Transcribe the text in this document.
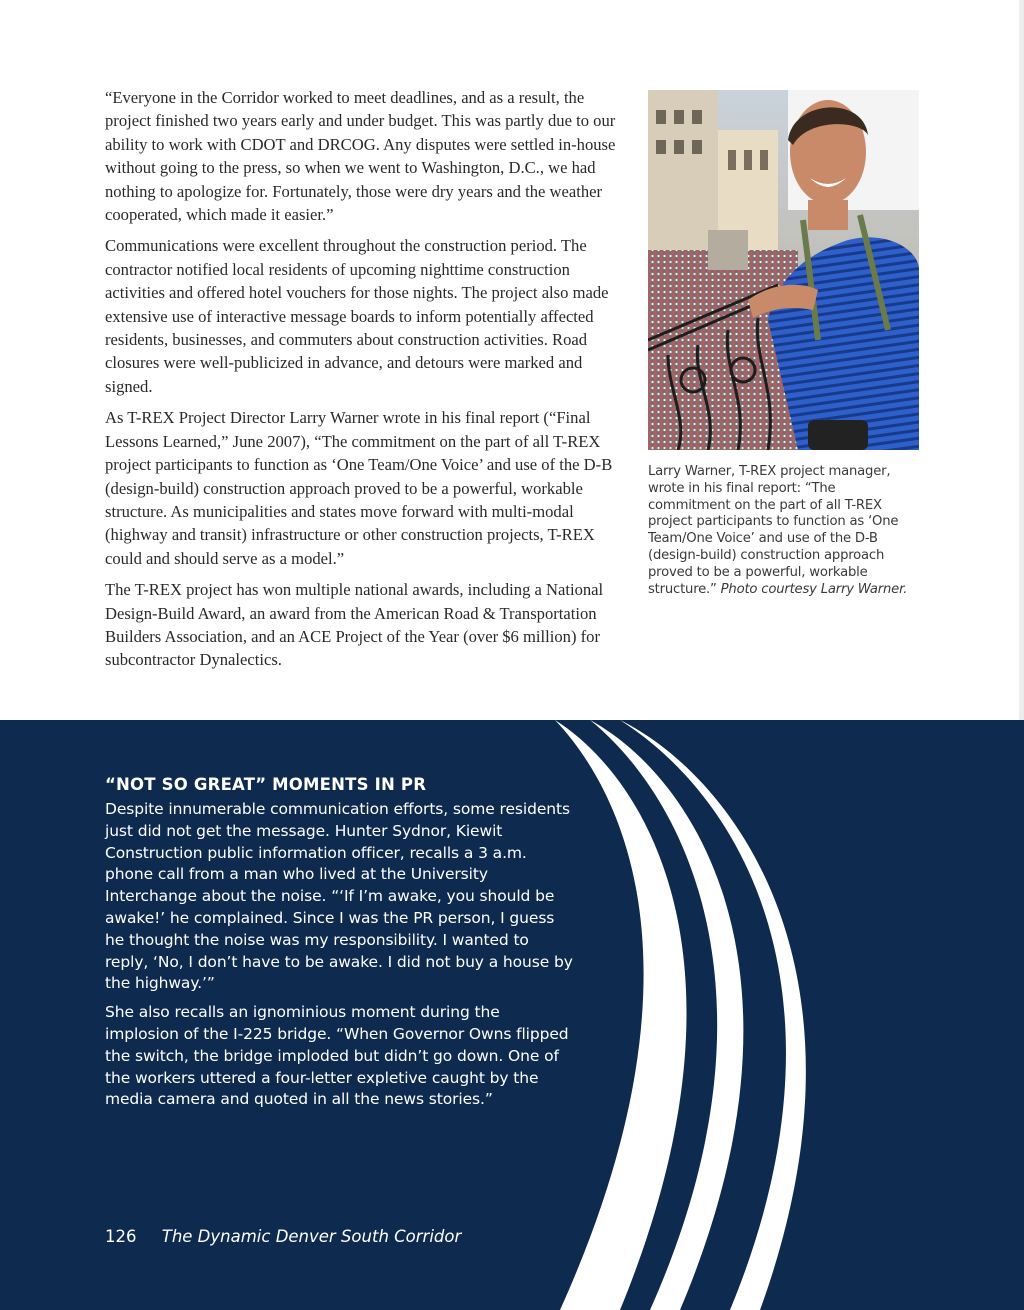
“Everyone in the Corridor worked to meet deadlines, and as a result, the project finished two years early and under budget. This was partly due to our ability to work with CDOT and DRCOG. Any disputes were settled in-house without going to the press, so when we went to Washington, D.C., we had nothing to apologize for. Fortunately, those were dry years and the weather cooperated, which made it easier.”

Communications were excellent throughout the construction period. The contractor notified local residents of upcoming nighttime construction activities and offered hotel vouchers for those nights. The project also made extensive use of interactive message boards to inform potentially affected residents, businesses, and commuters about construction activities. Road closures were well-publicized in advance, and detours were marked and signed.

As T-REX Project Director Larry Warner wrote in his final report (“Final Lessons Learned,” June 2007), “The commitment on the part of all T-REX project participants to function as ‘One Team/One Voice’ and use of the D-B (design-build) construction approach proved to be a powerful, workable structure. As municipalities and states move forward with multi-modal (highway and transit) infrastructure or other construction projects, T-REX could and should serve as a model.”

The T-REX project has won multiple national awards, including a National Design-Build Award, an award from the American Road & Transportation Builders Association, and an ACE Project of the Year (over $6 million) for subcontractor Dynalectics.

Larry Warner, T-REX project manager, wrote in his final report: “The commitment on the part of all T-REX project participants to function as ‘One Team/One Voice’ and use of the D-B (design-build) construction approach proved to be a powerful, workable structure.” Photo courtesy Larry Warner.
“NOT SO GREAT” MOMENTS IN PR

Despite innumerable communication efforts, some residents just did not get the message. Hunter Sydnor, Kiewit Construction public information officer, recalls a 3 a.m. phone call from a man who lived at the University Interchange about the noise. “‘If I’m awake, you should be awake!’ he complained. Since I was the PR person, I guess he thought the noise was my responsibility. I wanted to reply, ‘No, I don’t have to be awake. I did not buy a house by the highway.’”

She also recalls an ignominious moment during the implosion of the I-225 bridge. “When Governor Owns flipped the switch, the bridge imploded but didn’t go down. One of the workers uttered a four-letter expletive caught by the media camera and quoted in all the news stories.”

126 The Dynamic Denver South Corridor
